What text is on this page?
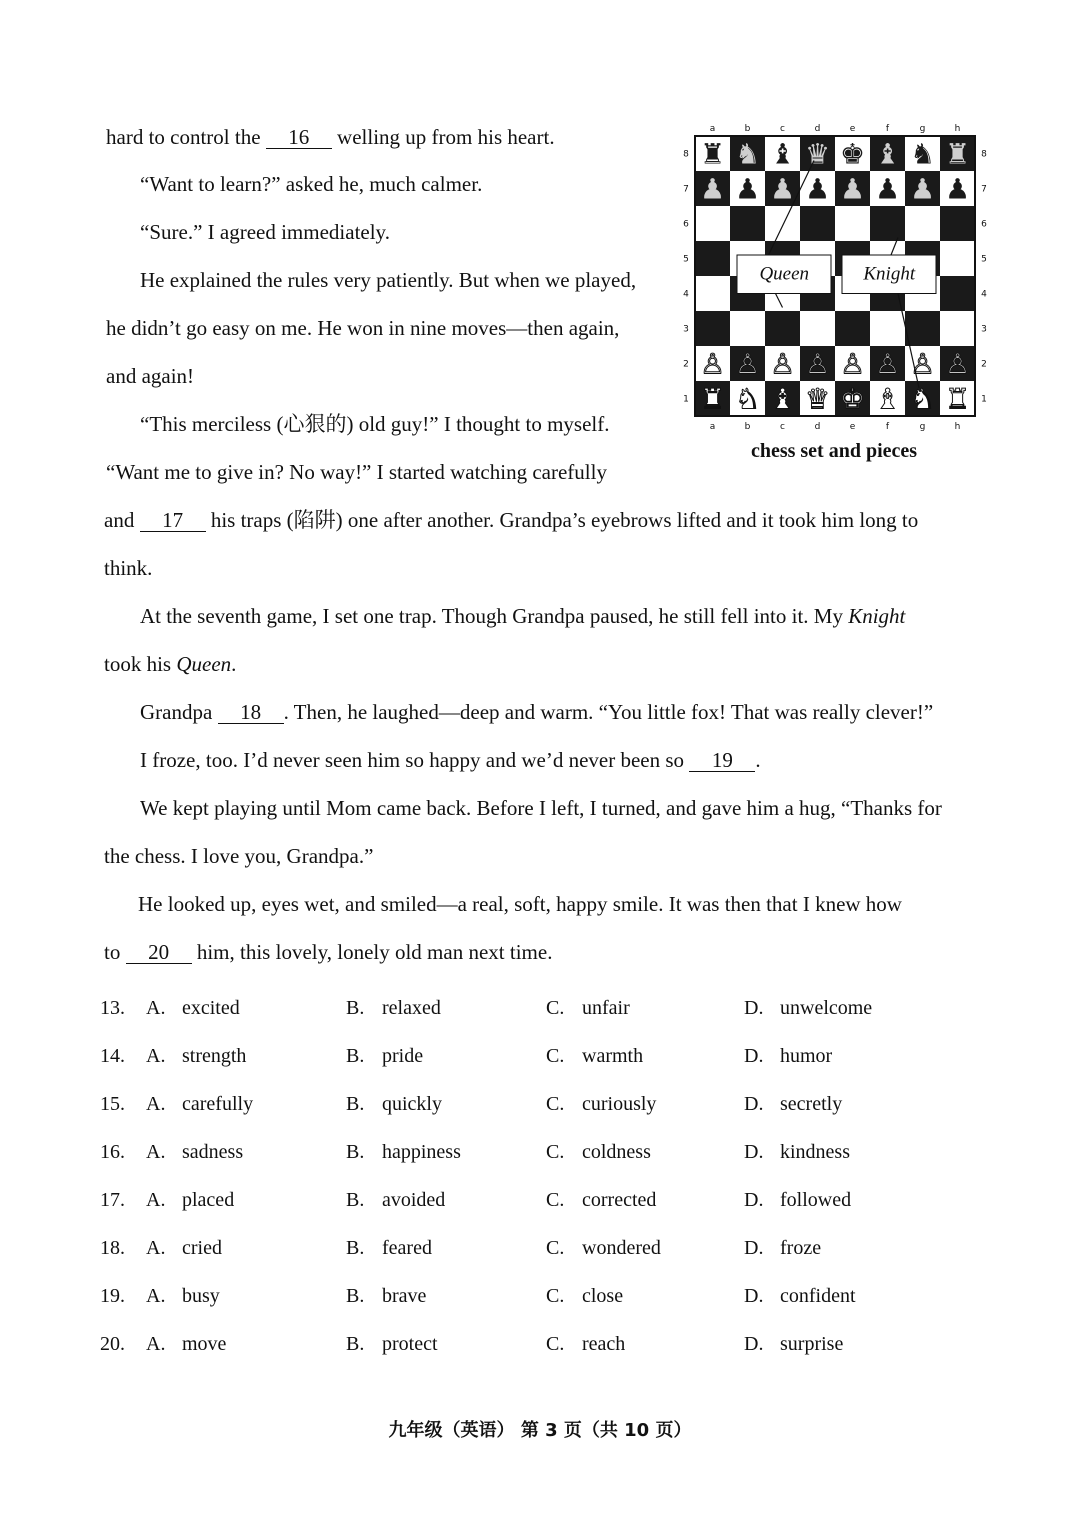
hard to control the 16 welling up from his heart.
“Want to learn?” asked he, much calmer.
“Sure.” I agreed immediately.
He explained the rules very patiently. But when we played,
he didn’t go easy on me. He won in nine moves—then again,
and again!
“This merciless (心狠的) old guy!” I thought to myself.
“Want me to give in? No way!” I started watching carefully
and 17 his traps (陷阱) one after another. Grandpa’s eyebrows lifted and it took him long to
think.
At the seventh game, I set one trap. Though Grandpa paused, he still fell into it. My Knight
took his Queen.
Grandpa 18 . Then, he laughed—deep and warm. “You little fox! That was really clever!”
I froze, too. I’d never seen him so happy and we’d never been so 19 .
We kept playing until Mom came back. Before I left, I turned, and gave him a hug, “Thanks for
the chess. I love you, Grandpa.”
He looked up, eyes wet, and smiled—a real, soft, happy smile. It was then that I knew how
to 20 him, this lovely, lonely old man next time.
a
a
b
b
c
c
d
d
e
e
f
f
g
g
h
h
8	8
7	7
6	6
5	5
4	4
3	3
2	2
1	1
♜ ♞ ♝ ♛ ♚ ♝ ♞ ♜
♟ ♟ ♟ ♟ ♟ ♟ ♟ ♟
♙ ♙ ♙ ♙ ♙ ♙ ♙ ♙
♜ ♞ ♝ ♛ ♚ ♝ ♞ ♜
Queen	Knight
chess set and pieces
13. A. excited	B. relaxed	C. unfair	D. unwelcome
14. A. strength	B. pride	C. warmth	D. humor
15. A. carefully	B. quickly	C. curiously	D. secretly
16. A. sadness	B. happiness	C. coldness	D. kindness
17. A. placed	B. avoided	C. corrected	D. followed
18. A. cried	B. feared	C. wondered	D. froze
19. A. busy	B. brave	C. close	D. confident
20. A. move	B. protect	C. reach	D. surprise
九年级（英语） 第 3 页（共 10 页）
